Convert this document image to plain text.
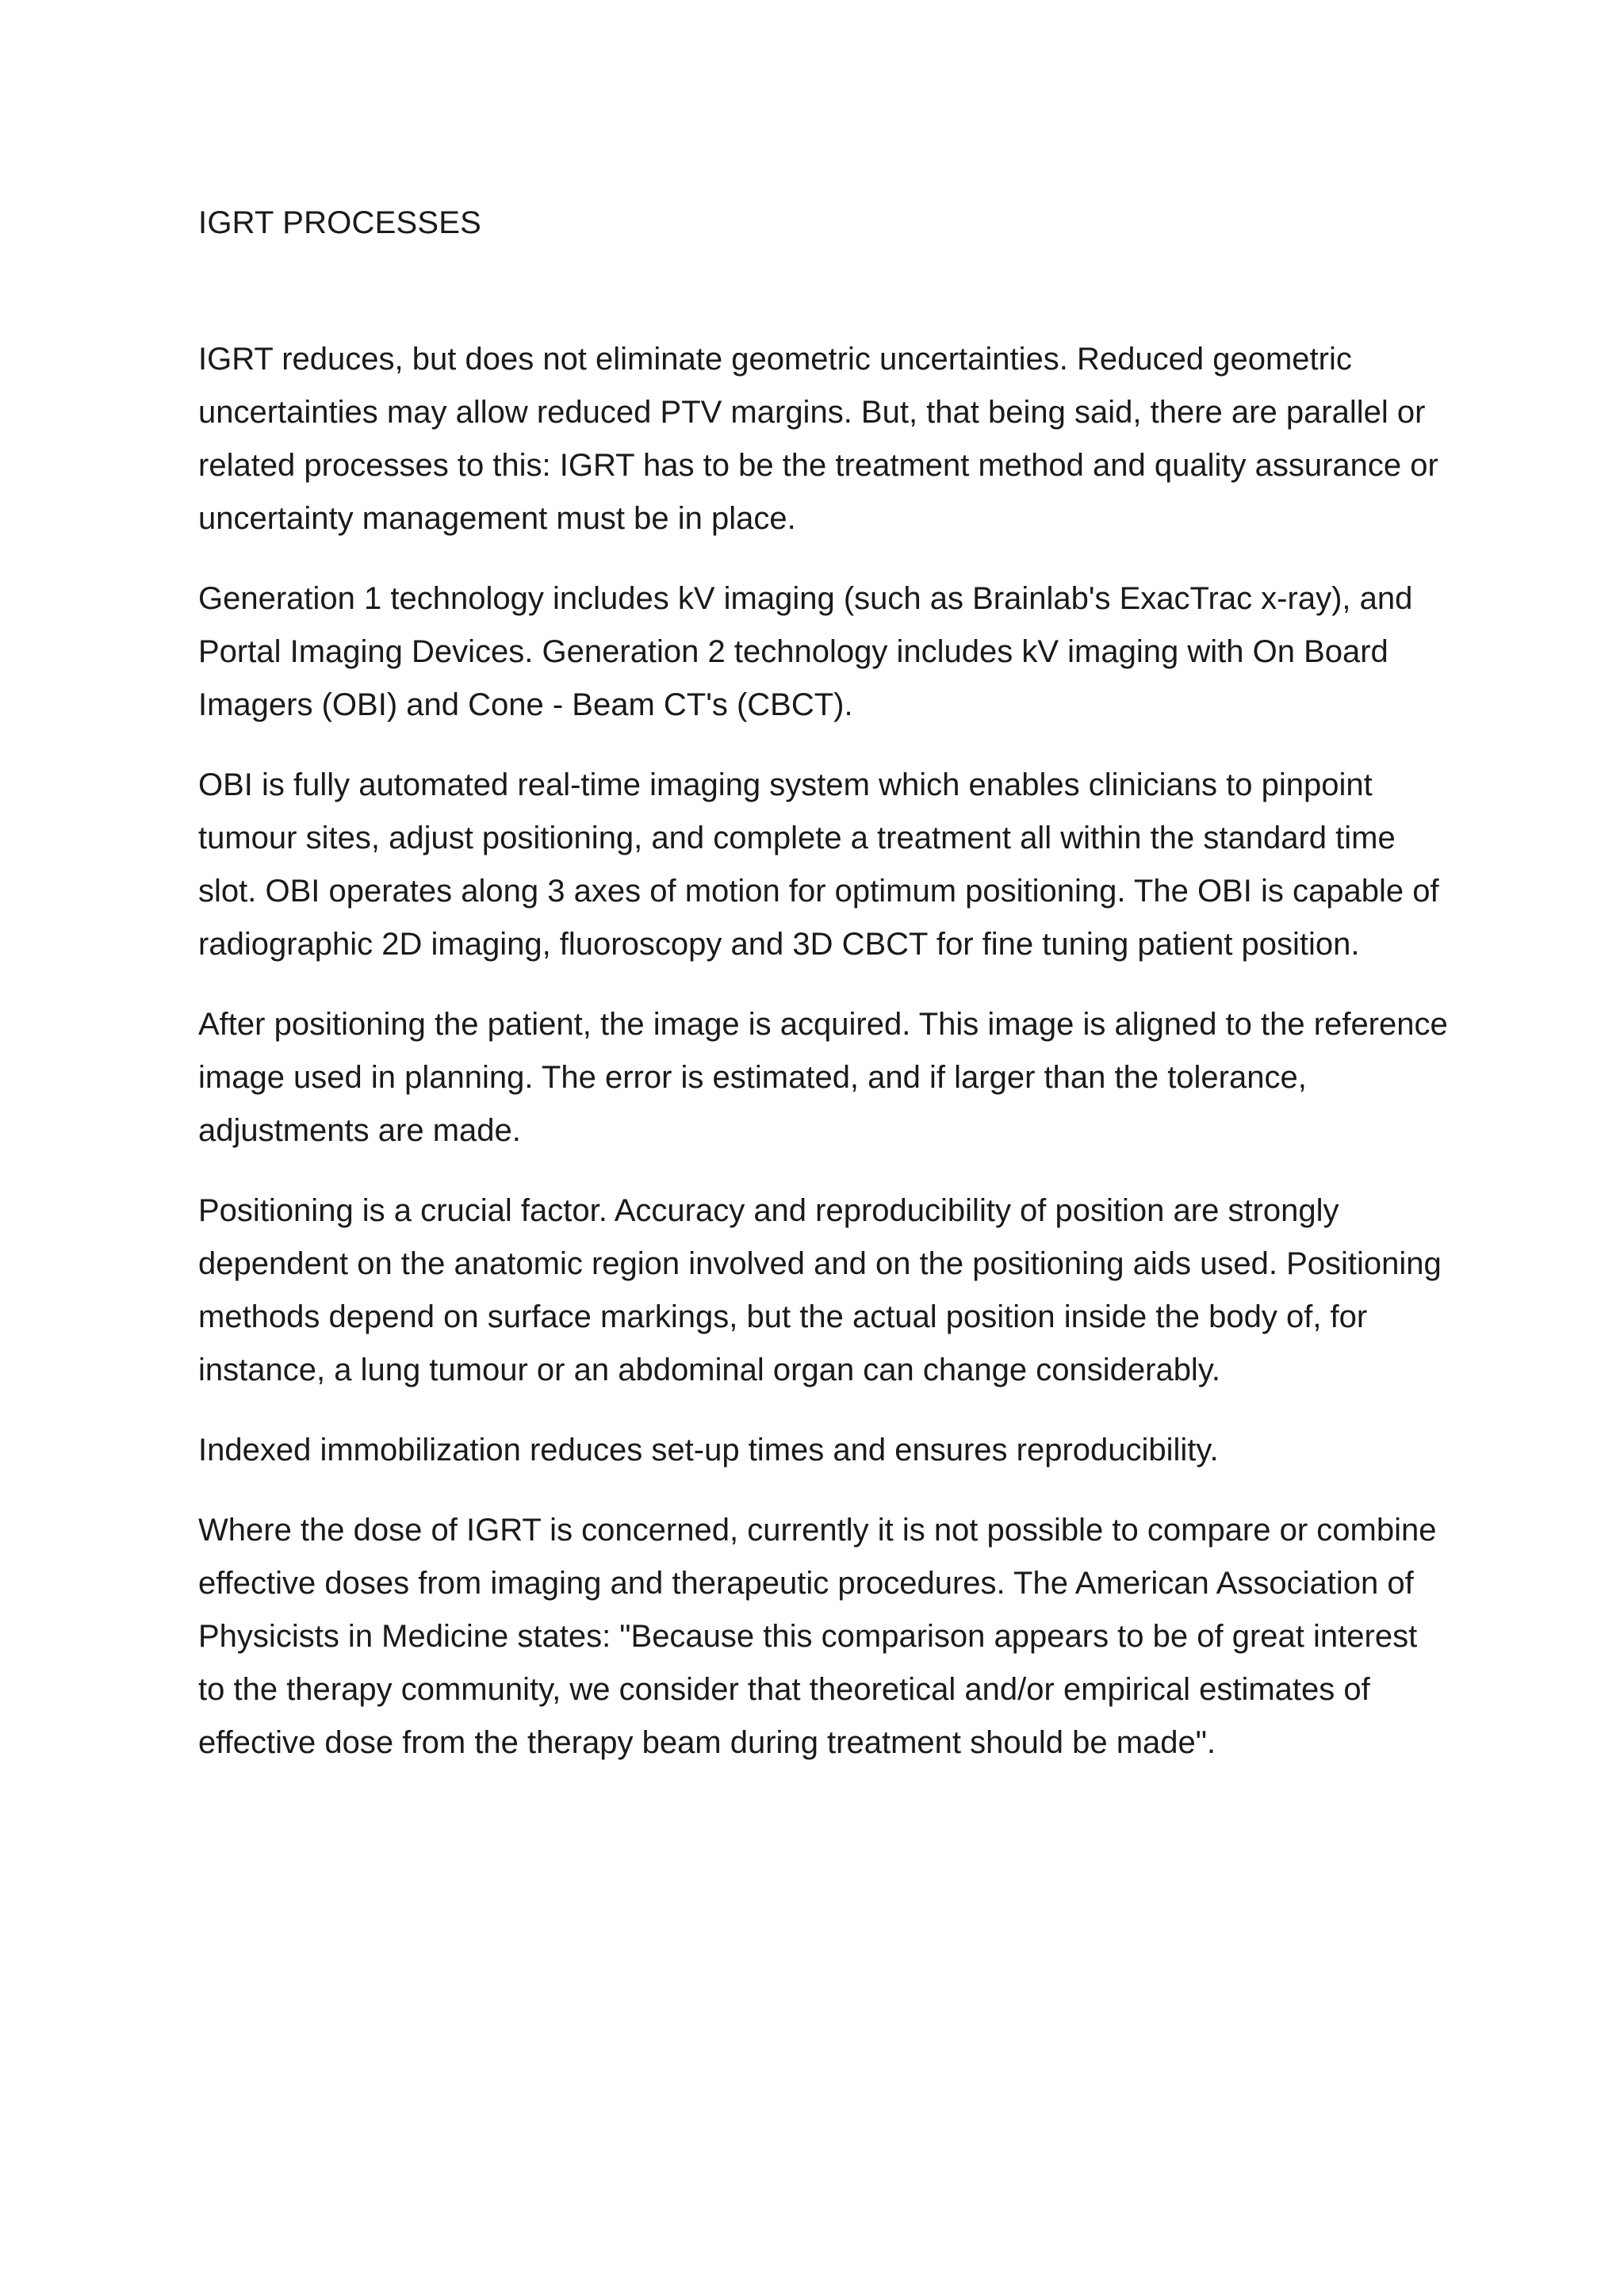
IGRT PROCESSES

IGRT reduces, but does not eliminate geometric uncertainties. Reduced geometric uncertainties may allow reduced PTV margins. But, that being said, there are parallel or related processes to this: IGRT has to be the treatment method and quality assurance or uncertainty management must be in place.

Generation 1 technology includes kV imaging (such as Brainlab's ExacTrac x-ray), and Portal Imaging Devices. Generation 2 technology includes kV imaging with On Board Imagers (OBI) and Cone - Beam CT's (CBCT).

OBI is fully automated real-time imaging system which enables clinicians to pinpoint tumour sites, adjust positioning, and complete a treatment all within the standard time slot. OBI operates along 3 axes of motion for optimum positioning. The OBI is capable of radiographic 2D imaging, fluoroscopy and 3D CBCT for fine tuning patient position.

After positioning the patient, the image is acquired. This image is aligned to the reference image used in planning. The error is estimated, and if larger than the tolerance, adjustments are made.

Positioning is a crucial factor. Accuracy and reproducibility of position are strongly dependent on the anatomic region involved and on the positioning aids used. Positioning methods depend on surface markings, but the actual position inside the body of, for instance, a lung tumour or an abdominal organ can change considerably.

Indexed immobilization reduces set-up times and ensures reproducibility.

Where the dose of IGRT is concerned, currently it is not possible to compare or combine effective doses from imaging and therapeutic procedures. The American Association of Physicists in Medicine states: "Because this comparison appears to be of great interest to the therapy community, we consider that theoretical and/or empirical estimates of effective dose from the therapy beam during treatment should be made".
